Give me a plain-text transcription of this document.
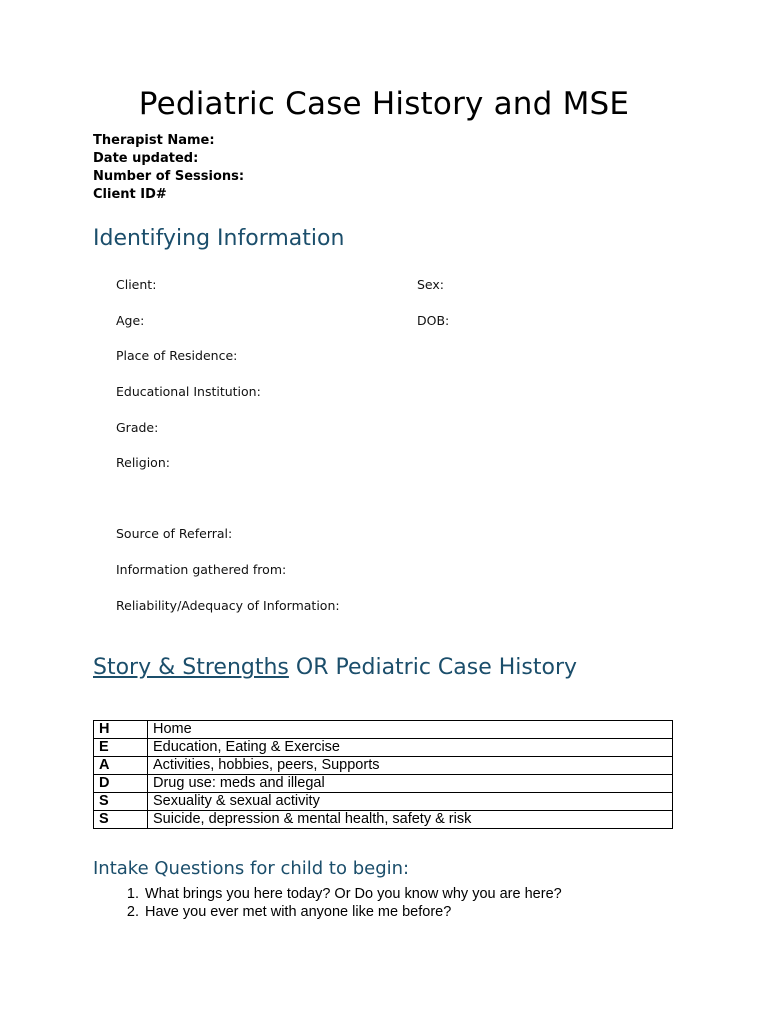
Pediatric Case History and MSE
Therapist Name:
Date updated:
Number of Sessions:
Client ID#
Identifying Information
Client:	Sex:
Age:	DOB:
Place of Residence:
Educational Institution:
Grade:
Religion:
Source of Referral:
Information gathered from:
Reliability/Adequacy of Information:
Story & Strengths OR Pediatric Case History
H	Home
E	Education, Eating & Exercise
A	Activities, hobbies, peers, Supports
D	Drug use: meds and illegal
S	Sexuality & sexual activity
S	Suicide, depression & mental health, safety & risk
Intake Questions for child to begin:
1. What brings you here today? Or Do you know why you are here?
2. Have you ever met with anyone like me before?
